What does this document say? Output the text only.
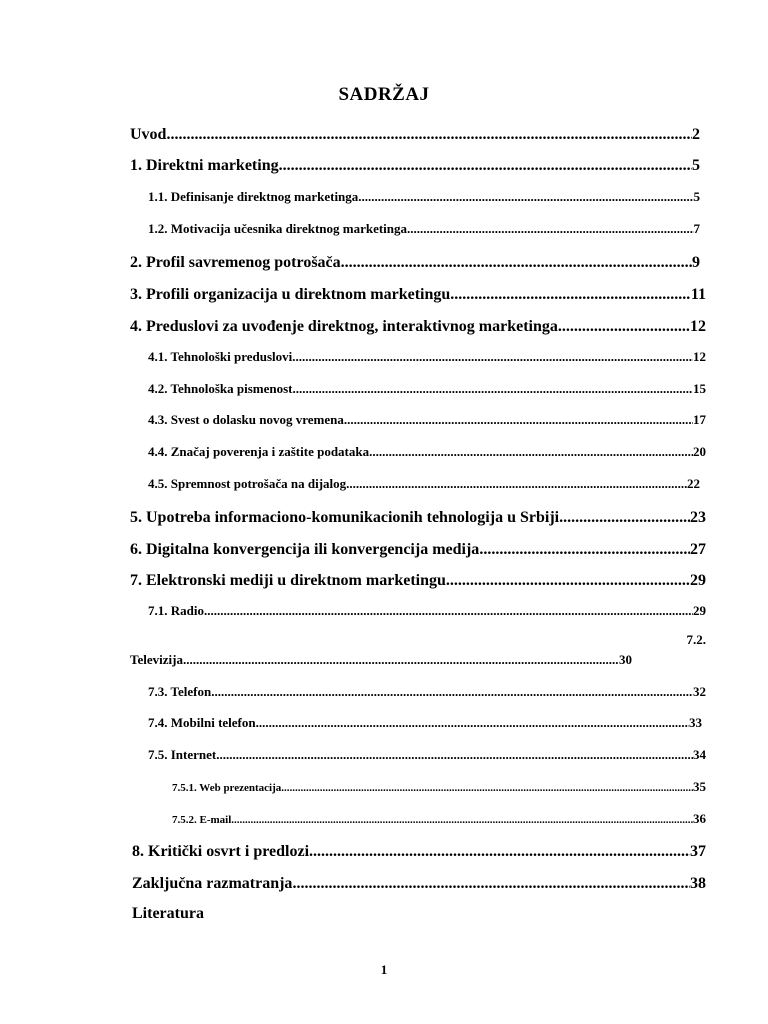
SADRŽAJ
Uvod .....	2
1. Direktni marketing .....	5
1.1. Definisanje direktnog marketinga .....	5
1.2. Motivacija učesnika direktnog marketinga .....	7
2. Profil savremenog potrošača .....	9
3. Profili organizacija u direktnom marketingu .....	11
4. Preduslovi za uvođenje direktnog, interaktivnog marketinga .....	12
4.1. Tehnološki preduslovi .....	12
4.2. Tehnološka pismenost .....	15
4.3. Svest o dolasku novog vremena .....	17
4.4. Značaj poverenja i zaštite podataka .....	20
4.5. Spremnost potrošača na dijalog .....	22
5. Upotreba informaciono-komunikacionih tehnologija u Srbiji .....	23
6. Digitalna konvergencija ili konvergencija medija .....	27
7. Elektronski mediji u direktnom marketingu .....	29
7.1. Radio .....	29
7.2.
Televizija .....	30
7.3. Telefon .....	32
7.4. Mobilni telefon .....	33
7.5. Internet .....	34
7.5.1. Web prezentacija .....	35
7.5.2. E-mail .....	36
8. Kritički osvrt i predlozi .....	37
Zaključna razmatranja .....	38
Literatura
1
